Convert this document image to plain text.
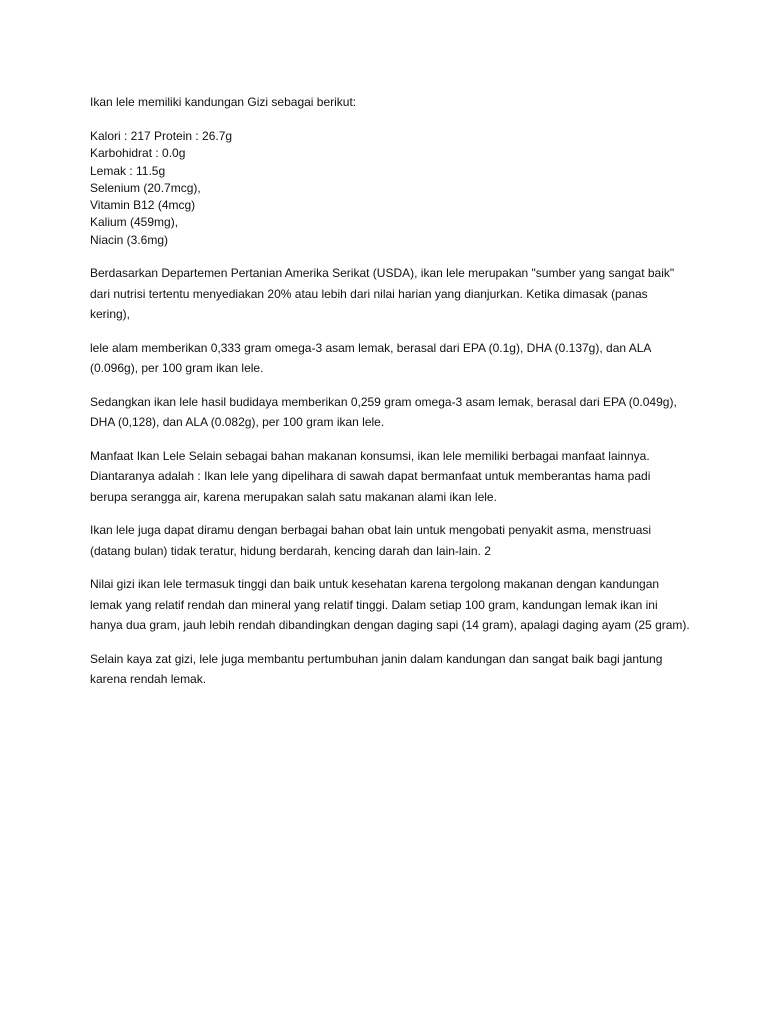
Ikan lele memiliki kandungan Gizi sebagai berikut:

Kalori : 217 Protein : 26.7g
Karbohidrat : 0.0g
Lemak : 11.5g
Selenium (20.7mcg),
Vitamin B12 (4mcg)
Kalium (459mg),
Niacin (3.6mg)

Berdasarkan Departemen Pertanian Amerika Serikat (USDA), ikan lele merupakan "sumber yang sangat baik" dari nutrisi tertentu menyediakan 20% atau lebih dari nilai harian yang dianjurkan. Ketika dimasak (panas kering),

lele alam memberikan 0,333 gram omega-3 asam lemak, berasal dari EPA (0.1g), DHA (0.137g), dan ALA (0.096g), per 100 gram ikan lele.

Sedangkan ikan lele hasil budidaya memberikan 0,259 gram omega-3 asam lemak, berasal dari EPA (0.049g), DHA (0,128), dan ALA (0.082g), per 100 gram ikan lele.

Manfaat Ikan Lele Selain sebagai bahan makanan konsumsi, ikan lele memiliki berbagai manfaat lainnya. Diantaranya adalah : Ikan lele yang dipelihara di sawah dapat bermanfaat untuk memberantas hama padi berupa serangga air, karena merupakan salah satu makanan alami ikan lele.

Ikan lele juga dapat diramu dengan berbagai bahan obat lain untuk mengobati penyakit asma, menstruasi (datang bulan) tidak teratur, hidung berdarah, kencing darah dan lain-lain. 2

Nilai gizi ikan lele termasuk tinggi dan baik untuk kesehatan karena tergolong makanan dengan kandungan lemak yang relatif rendah dan mineral yang relatif tinggi. Dalam setiap 100 gram, kandungan lemak ikan ini hanya dua gram, jauh lebih rendah dibandingkan dengan daging sapi (14 gram), apalagi daging ayam (25 gram).

Selain kaya zat gizi, lele juga membantu pertumbuhan janin dalam kandungan dan sangat baik bagi jantung karena rendah lemak.
